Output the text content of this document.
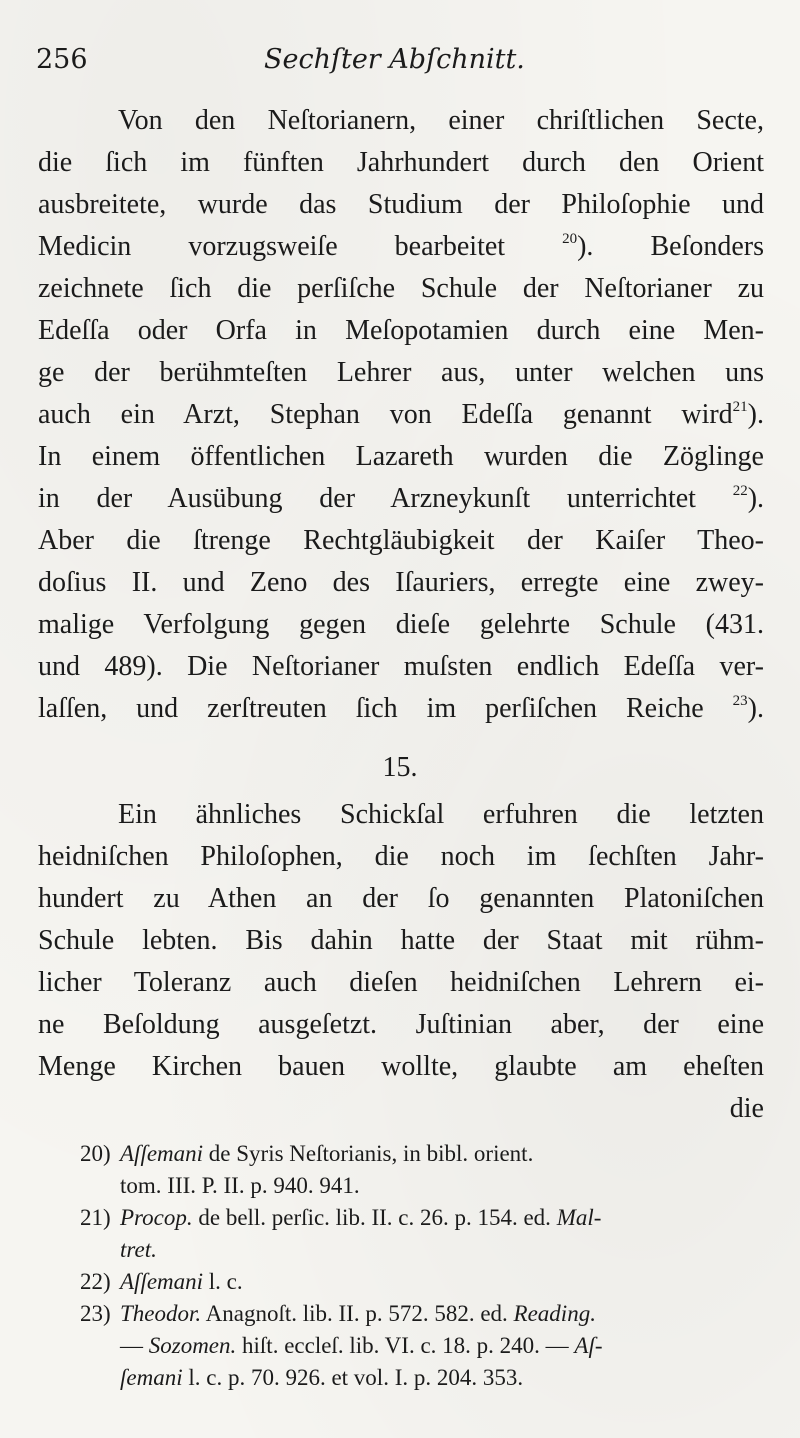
256	Sechſter Abſchnitt.
Von den Neſtorianern, einer chriſtlichen Secte,
die ſich im fünften Jahrhundert durch den Orient
ausbreitete, wurde das Studium der Philoſophie und
Medicin vorzugsweiſe bearbeitet	$^{20}$). Beſonders
zeichnete ſich die perſiſche Schule der Neſtorianer zu
Edeſſa oder Orfa in Meſopotamien durch eine Men-
ge der berühmteſten Lehrer aus, unter welchen uns
auch ein Arzt, Stephan von Edeſſa genannt wird$^{21}$).
In einem öffentlichen Lazareth wurden die Zöglinge
in der Ausübung der Arzneykunſt unterrichtet $^{22}$).
Aber die ſtrenge Rechtgläubigkeit der Kaiſer Theo-
doſius II. und Zeno des Iſauriers, erregte eine zwey-
malige Verfolgung gegen dieſe gelehrte Schule (431.
und 489). Die Neſtorianer muſsten endlich Edeſſa ver-
laſſen, und zerſtreuten ſich im perſiſchen Reiche $^{23}$).
15.
Ein ähnliches Schickſal erfuhren die letzten
heidniſchen Philoſophen, die noch im ſechſten Jahr-
hundert zu Athen an der ſo genannten Platoniſchen
Schule lebten. Bis dahin hatte der Staat mit rühm-
licher Toleranz auch dieſen heidniſchen Lehrern ei-
ne Beſoldung ausgeſetzt. Juſtinian aber, der eine
Menge Kirchen bauen wollte, glaubte am eheſten
die
20) Aſſemani de Syris Neſtorianis, in bibl. orient.
tom. III. P. II. p. 940. 941.
21) Procop. de bell. perſic. lib. II. c. 26. p. 154. ed. Mal-
tret.
22) Aſſemani l. c.
23) Theodor. Anagnoſt. lib. II. p. 572. 582. ed. Reading.
— Sozomen. hiſt. eccleſ. lib. VI. c. 18. p. 240. — Aſ-
ſemani l. c. p. 70. 926. et vol. I. p. 204. 353.
